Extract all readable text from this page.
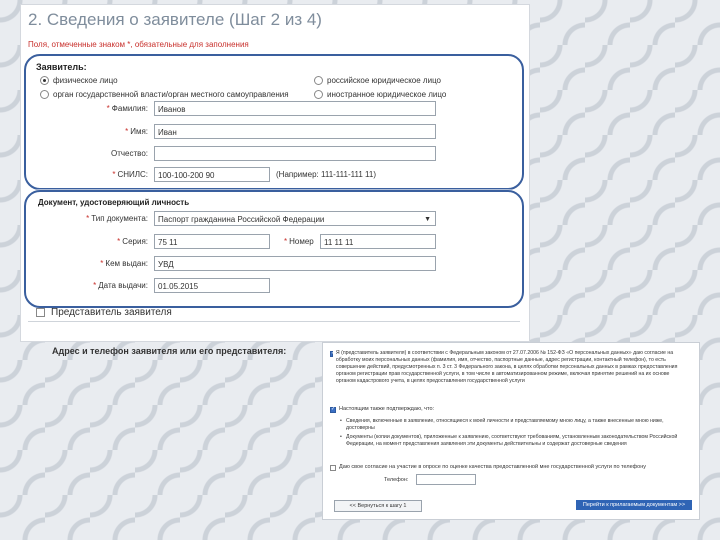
2. Сведения о заявителе (Шаг 2 из 4)
Поля, отмеченные знаком *, обязательные для заполнения
Заявитель:
физическое лицо	российское юридическое лицо
орган государственной власти/орган местного самоуправления	иностранное юридическое лицо
* Фамилия:	Иванов
* Имя:	Иван
Отчество:
* СНИЛС:	100-100-200 90	(Например: 111-111-111 11)
Документ, удостоверяющий личность
* Тип документа:	Паспорт гражданина Российской Федерации	▼
* Серия:	75 11	* Номер	11 11 11
* Кем выдан:	УВД
* Дата выдачи:	01.05.2015
Представитель заявителя
Адрес и телефон заявителя или его представителя:
✓	Я (представитель заявителя) в соответствии с Федеральным законом от 27.07.2006 № 152-ФЗ «О персональных данных» даю согласие на обработку моих персональных данных (фамилия, имя, отчество, паспортные данные, адрес регистрации, контактный телефон), то есть совершение действий, предусмотренных п. 3 ст. 3 Федерального закона, в целях обработки персональных данных в рамках предоставления органом регистрации прав государственной услуги, в том числе в автоматизированном режиме, включая принятие решений на их основе органом кадастрового учета, в целях предоставления государственной услуги
✓
Настоящим также подтверждаю, что:
• Сведения, включенные в заявление, относящиеся к моей личности и представляемому мною лицу, а также внесенные мною ниже, достоверны
• Документы (копии документов), приложенные к заявлению, соответствуют требованиям, установленным законодательством Российской Федерации, на момент представления заявления эти документы действительны и содержат достоверные сведения
Даю свое согласие на участие в опросе по оценке качества предоставленной мне государственной услуги по телефону
Телефон:
<< Вернуться к шагу 1	Перейти к прилагаемым документам >>
